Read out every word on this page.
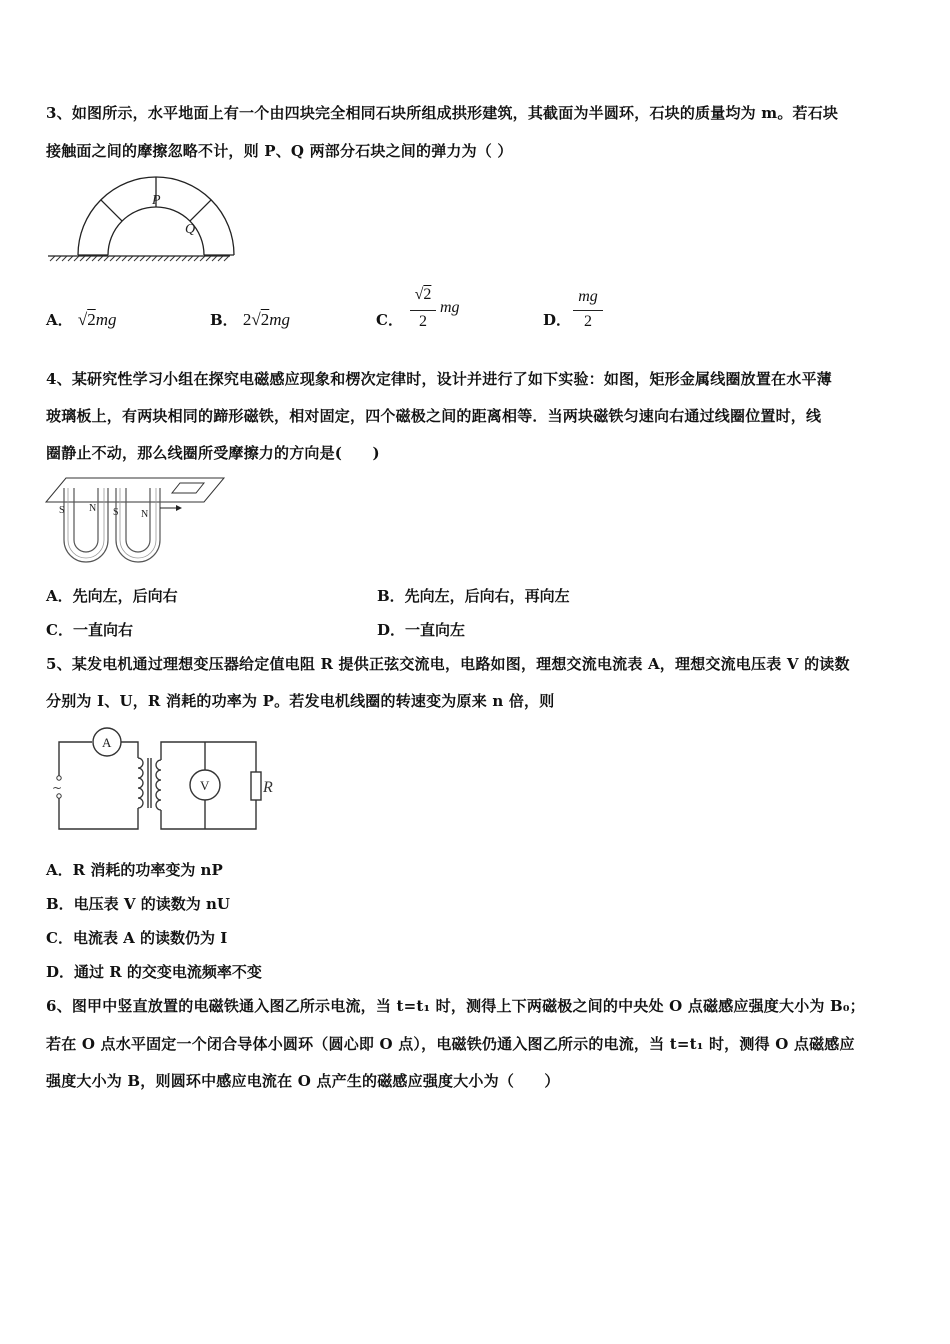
3、如图所示，水平地面上有一个由四块完全相同石块所组成拱形建筑，其截面为半圆环，石块的质量均为 m。若石块
接触面之间的摩擦忽略不计，则 P、Q 两部分石块之间的弹力为（ ）
P
Q
A． √2mg	B． 2√2mg	C．
√2
2
mg
D．
mg
2
4、某研究性学习小组在探究电磁感应现象和楞次定律时，设计并进行了如下实验：如图，矩形金属线圈放置在水平薄
玻璃板上，有两块相同的蹄形磁铁，相对固定，四个磁极之间的距离相等．当两块磁铁匀速向右通过线圈位置时，线
圈静止不动，那么线圈所受摩擦力的方向是(　　)
S N S N
A．先向左，后向右	B．先向左，后向右，再向左
C．一直向右	D．一直向左
5、某发电机通过理想变压器给定值电阻 R 提供正弦交流电，电路如图，理想交流电流表 A，理想交流电压表 V 的读数
分别为 I、U，R 消耗的功率为 P。若发电机线圈的转速变为原来 n 倍，则
A
~	V	R
A．R 消耗的功率变为 nP
B．电压表 V 的读数为 nU
C．电流表 A 的读数仍为 I
D．通过 R 的交变电流频率不变
6、图甲中竖直放置的电磁铁通入图乙所示电流，当 t=t₁ 时，测得上下两磁极之间的中央处 O 点磁感应强度大小为 B₀；
若在 O 点水平固定一个闭合导体小圆环（圆心即 O 点），电磁铁仍通入图乙所示的电流，当 t=t₁ 时，测得 O 点磁感应
强度大小为 B，则圆环中感应电流在 O 点产生的磁感应强度大小为（　　）
